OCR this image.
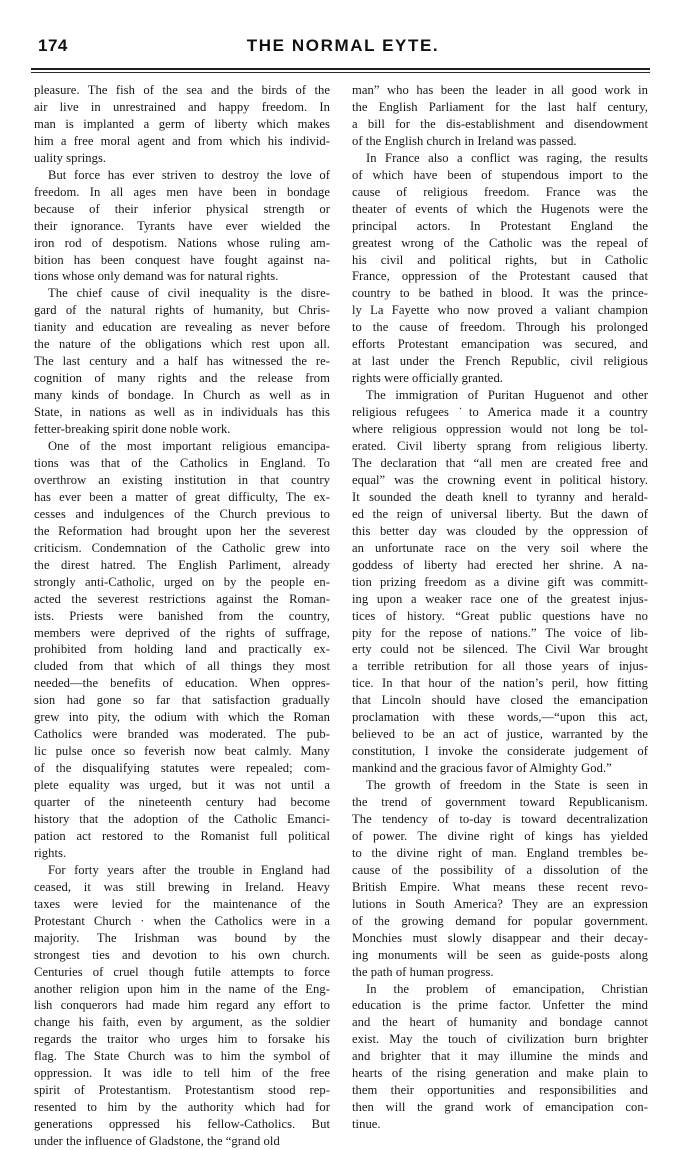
174	THE NORMAL EYTE.

pleasure. The fish of the sea and the birds of the
air live in unrestrained and happy freedom. In
man is implanted a germ of liberty which makes
him a free moral agent and from which his individ-
uality springs.

But force has ever striven to destroy the love of
freedom. In all ages men have been in bondage
because of their inferior physical strength or
their ignorance. Tyrants have ever wielded the
iron rod of despotism. Nations whose ruling am-
bition has been conquest have fought against na-
tions whose only demand was for natural rights.

The chief cause of civil inequality is the disre-
gard of the natural rights of humanity, but Chris-
tianity and education are revealing as never before
the nature of the obligations which rest upon all.
The last century and a half has witnessed the re-
cognition of many rights and the release from
many kinds of bondage. In Church as well as in
State, in nations as well as in individuals has this
fetter-breaking spirit done noble work.

One of the most important religious emancipa-
tions was that of the Catholics in England. To
overthrow an existing institution in that country
has ever been a matter of great difficulty, The ex-
cesses and indulgences of the Church previous to
the Reformation had brought upon her the severest
criticism. Condemnation of the Catholic grew into
the direst hatred. The English Parliment, already
strongly anti-Catholic, urged on by the people en-
acted the severest restrictions against the Roman-
ists. Priests were banished from the country,
members were deprived of the rights of suffrage,
prohibited from holding land and practically ex-
cluded from that which of all things they most
needed—the benefits of education. When oppres-
sion had gone so far that satisfaction gradually
grew into pity, the odium with which the Roman
Catholics were branded was moderated. The pub-
lic pulse once so feverish now beat calmly. Many
of the disqualifying statutes were repealed; com-
plete equality was urged, but it was not until a
quarter of the nineteenth century had become
history that the adoption of the Catholic Emanci-
pation act restored to the Romanist full political
rights.

For forty years after the trouble in England had
ceased, it was still brewing in Ireland. Heavy
taxes were levied for the maintenance of the
Protestant Church · when the Catholics were in a
majority. The Irishman was bound by the
strongest ties and devotion to his own church.
Centuries of cruel though futile attempts to force
another religion upon him in the name of the Eng-
lish conquerors had made him regard any effort to
change his faith, even by argument, as the soldier
regards the traitor who urges him to forsake his
flag. The State Church was to him the symbol of
oppression. It was idle to tell him of the free
spirit of Protestantism. Protestantism stood rep-
resented to him by the authority which had for
generations oppressed his fellow-Catholics. But
under the influence of Gladstone, the “grand old

man” who has been the leader in all good work in
the English Parliament for the last half century,
a bill for the dis-establishment and disendowment
of the English church in Ireland was passed.

In France also a conflict was raging, the results
of which have been of stupendous import to the
cause of religious freedom. France was the
theater of events of which the Hugenots were the
principal actors. In Protestant England the
greatest wrong of the Catholic was the repeal of
his civil and political rights, but in Catholic
France, oppression of the Protestant caused that
country to be bathed in blood. It was the prince-
ly La Fayette who now proved a valiant champion
to the cause of freedom. Through his prolonged
efforts Protestant emancipation was secured, and
at last under the French Republic, civil religious
rights were officially granted.

The immigration of Puritan Huguenot and other
religious refugees ˙to America made it a country
where religious oppression would not long be tol-
erated. Civil liberty sprang from religious liberty.
The declaration that “all men are created free and
equal” was the crowning event in political history.
It sounded the death knell to tyranny and herald-
ed the reign of universal liberty. But the dawn of
this better day was clouded by the oppression of
an unfortunate race on the very soil where the
goddess of liberty had erected her shrine. A na-
tion prizing freedom as a divine gift was committ-
ing upon a weaker race one of the greatest injus-
tices of history. “Great public questions have no
pity for the repose of nations.” The voice of lib-
erty could not be silenced. The Civil War brought
a terrible retribution for all those years of injus-
tice. In that hour of the nation’s peril, how fitting
that Lincoln should have closed the emancipation
proclamation with these words,—“upon this act,
believed to be an act of justice, warranted by the
constitution, I invoke the considerate judgement of
mankind and the gracious favor of Almighty God.”

The growth of freedom in the State is seen in
the trend of government toward Republicanism.
The tendency of to-day is toward decentralization
of power. The divine right of kings has yielded
to the divine right of man. England trembles be-
cause of the possibility of a dissolution of the
British Empire. What means these recent revo-
lutions in South America? They are an expression
of the growing demand for popular government.
Monchies must slowly disappear and their decay-
ing monuments will be seen as guide-posts along
the path of human progress.

In the problem of emancipation, Christian
education is the prime factor. Unfetter the mind
and the heart of humanity and bondage cannot
exist. May the touch of civilization burn brighter
and brighter that it may illumine the minds and
hearts of the rising generation and make plain to
them their opportunities and responsibilities and
then will the grand work of emancipation con-
tinue.
